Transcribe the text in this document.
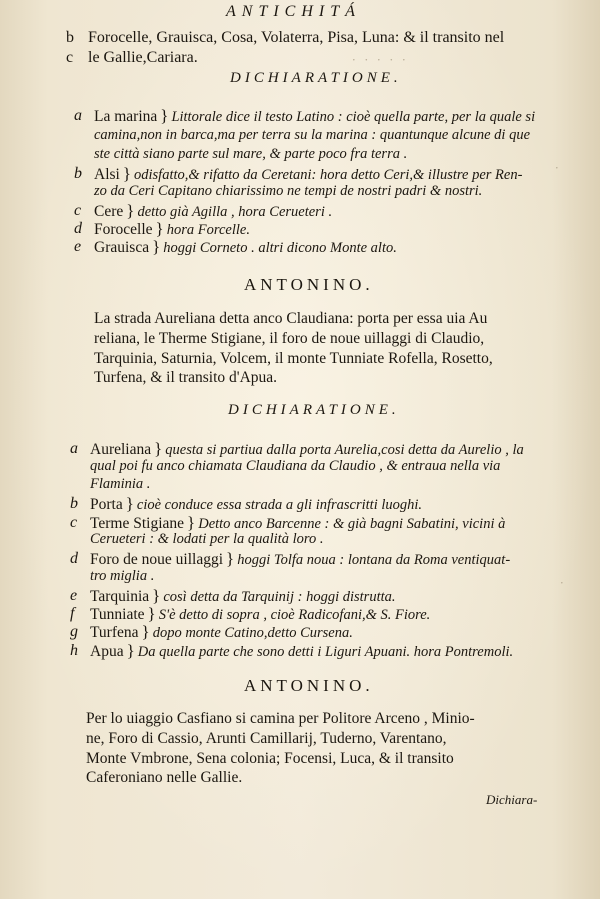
ANTICHITÁ
b Forocelle, Grauisca, Cosa, Volaterra, Pisa, Luna: & il transito nel
c le Gallie,Cariara.
DICHIARATIONE.
a La marina } Littorale dice il testo Latino : cioè quella parte, per la quale si
camina,non in barca,ma per terra su la marina : quantunque alcune di que
ste città siano parte sul mare, & parte poco fra terra .
b Alsi } odisfatto,& rifatto da Ceretani: hora detto Ceri,& illustre per Ren-
zo da Ceri Capitano chiarissimo ne tempi de nostri padri & nostri.
c Cere } detto già Agilla , hora Cerueteri .
d Forocelle } hora Forcelle.
e Grauisca } hoggi Corneto . altri dicono Monte alto.
ANTONINO.
La strada Aureliana detta anco Claudiana: porta per essa uia Au
reliana, le Therme Stigiane, il foro de noue uillaggi di Claudio,
Tarquinia, Saturnia, Volcem, il monte Tunniate Rofella, Rosetto,
Turfena, & il transito d'Apua.
DICHIARATIONE.
a Aureliana } questa si partiua dalla porta Aurelia,cosi detta da Aurelio , la
qual poi fu anco chiamata Claudiana da Claudio , & entraua nella via
Flaminia .
b Porta } cioè conduce essa strada a gli infrascritti luoghi.
c Terme Stigiane } Detto anco Barcenne : & già bagni Sabatini, vicini à
Cerueteri : & lodati per la qualità loro .
d Foro de noue uillaggi } hoggi Tolfa noua : lontana da Roma ventiquat-
tro miglia .
e Tarquinia } così detta da Tarquinij : hoggi distrutta.
f Tunniate } S'è detto di sopra , cioè Radicofani,& S. Fiore.
g Turfena } dopo monte Catino,detto Cursena.
h Apua } Da quella parte che sono detti i Liguri Apuani. hora Pontremoli.
ANTONINO.
Per lo uiaggio Casfiano si camina per Politore Arceno , Minio-
ne, Foro di Cassio, Arunti Camillarij, Tuderno, Varentano,
Monte Vmbrone, Sena colonia; Focensi, Luca, & il transito
Caferoniano nelle Gallie.
Dichiara-
· · · · ·
·
·
